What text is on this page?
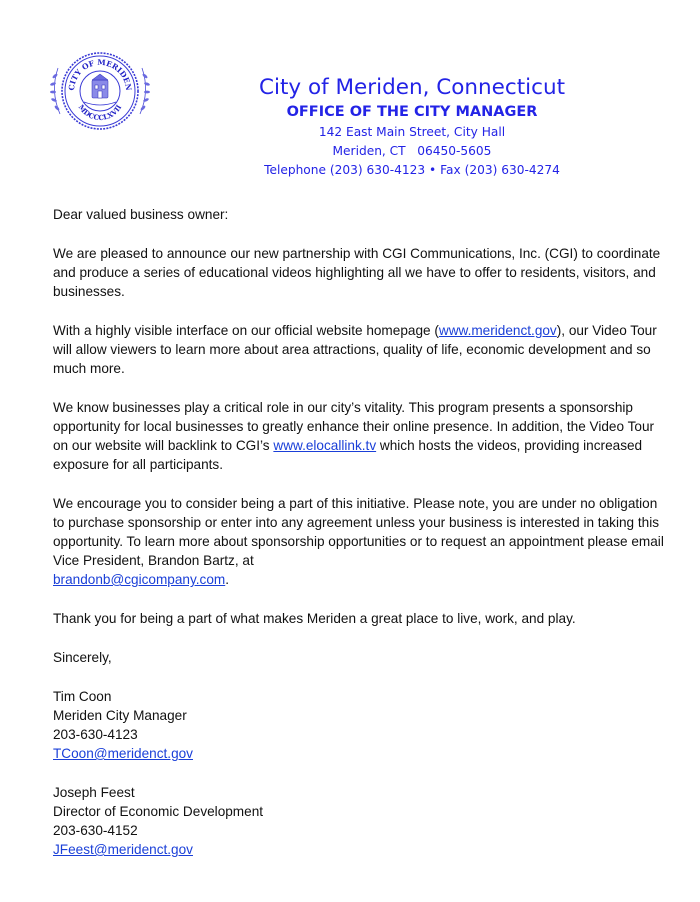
CITY OF MERIDEN
MDCCCLXVII
City of Meriden, Connecticut
OFFICE OF THE CITY MANAGER
142 East Main Street, City Hall
Meriden, CT   06450-5605
Telephone (203) 630-4123 • Fax (203) 630-4274

Dear valued business owner:

We are pleased to announce our new partnership with CGI Communications, Inc. (CGI) to coordinate and produce a series of educational videos highlighting all we have to offer to residents, visitors, and businesses.

With a highly visible interface on our official website homepage (www.meridenct.gov), our Video Tour will allow viewers to learn more about area attractions, quality of life, economic development and so much more.

We know businesses play a critical role in our city’s vitality. This program presents a sponsorship opportunity for local businesses to greatly enhance their online presence. In addition, the Video Tour on our website will backlink to CGI’s www.elocallink.tv which hosts the videos, providing increased exposure for all participants.

We encourage you to consider being a part of this initiative. Please note, you are under no obligation to purchase sponsorship or enter into any agreement unless your business is interested in taking this opportunity. To learn more about sponsorship opportunities or to request an appointment please email Vice President, Brandon Bartz, at
brandonb@cgicompany.com.

Thank you for being a part of what makes Meriden a great place to live, work, and play.

Sincerely,

Tim Coon
Meriden City Manager
203-630-4123
TCoon@meridenct.gov
Joseph Feest
Director of Economic Development
203-630-4152
JFeest@meridenct.gov
